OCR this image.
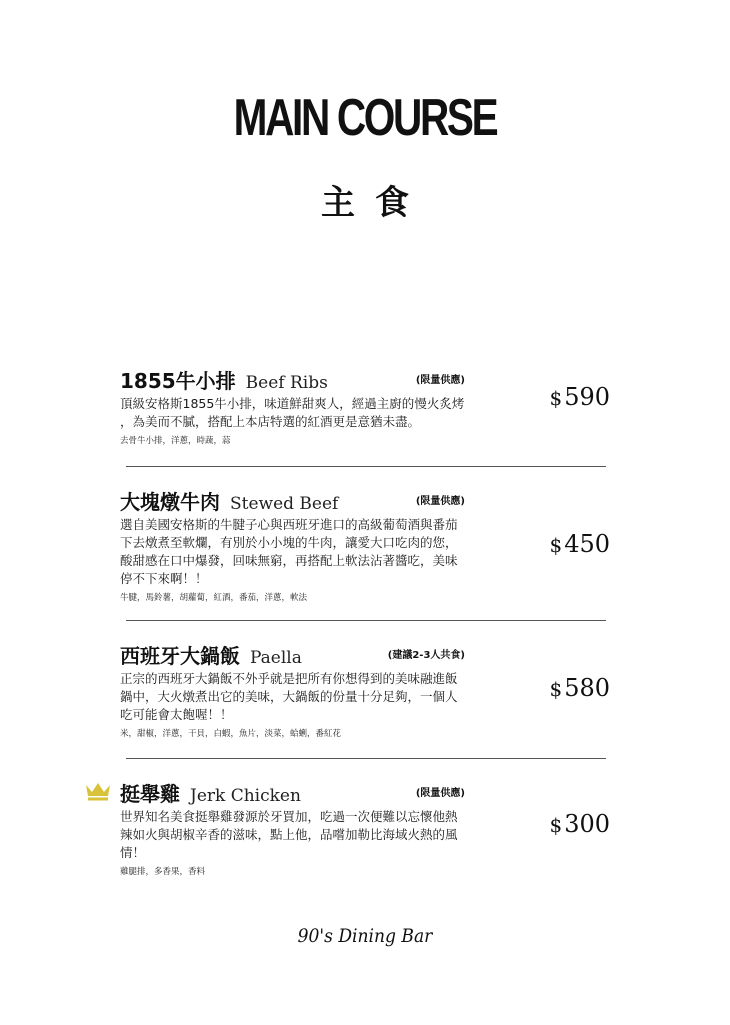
MAIN COURSE
主食
1855牛小排 Beef Ribs	(限量供應)

頂級安格斯1855牛小排，味道鮮甜爽人，經過主廚的慢火炙烤
，為美而不膩，搭配上本店特選的紅酒更是意猶未盡。

去骨牛小排，洋蔥，時蔬，蒜
$590
大塊燉牛肉 Stewed Beef	(限量供應)

選自美國安格斯的牛腱子心與西班牙進口的高級葡萄酒與番茄
下去燉煮至軟爛，有別於小小塊的牛肉，讓愛大口吃肉的您，
酸甜感在口中爆發，回味無窮，再搭配上軟法沾著醬吃，美味
停不下來啊！！

牛腱，馬鈴薯，胡蘿蔔，紅酒，番茄，洋蔥，軟法
$450
西班牙大鍋飯 Paella	(建議2-3人共食)

正宗的西班牙大鍋飯不外乎就是把所有你想得到的美味融進飯
鍋中，大火燉煮出它的美味，大鍋飯的份量十分足夠，一個人
吃可能會太飽喔！！

米，甜椒，洋蔥，干貝，白蝦，魚片，淡菜，蛤蜊，番紅花
$580
挺舉雞 Jerk Chicken	(限量供應)

世界知名美食挺舉雞發源於牙買加，吃過一次便難以忘懷他熱
辣如火與胡椒辛香的滋味，點上他，品嚐加勒比海域火熱的風
情！

雞腿排，多香果，香料
$300
90's Dining Bar
